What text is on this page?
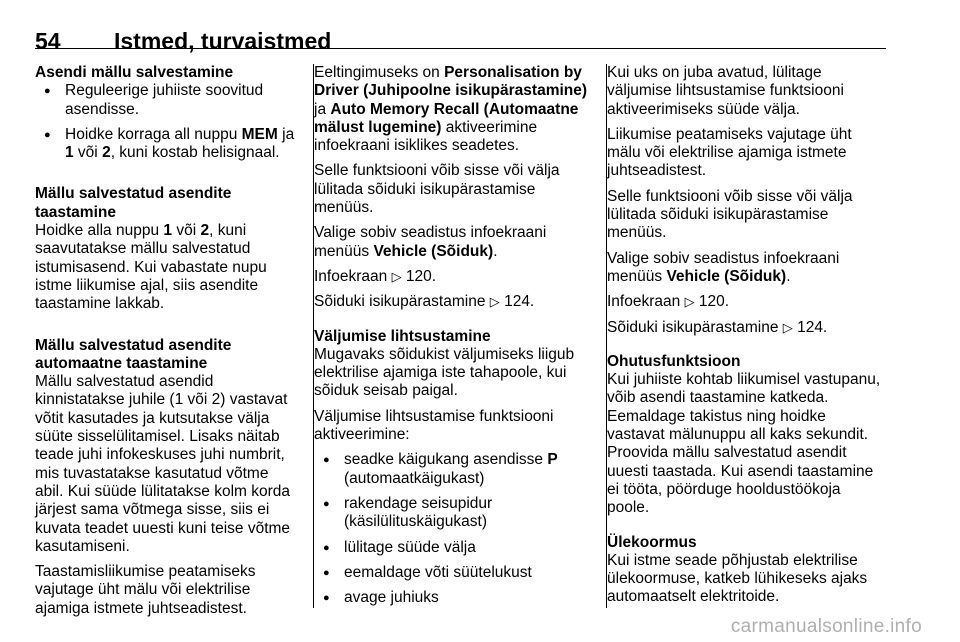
54 Istmed, turvaistmed
Asendi mällu salvestamine
● Reguleerige juhiiste soovitud asendisse.
● Hoidke korraga all nuppu MEM ja 1 või 2, kuni kostab helisignaal.
Mällu salvestatud asendite taastamine

Hoidke alla nuppu 1 või 2, kuni saavutatakse mällu salvestatud istumisasend. Kui vabastate nupu istme liikumise ajal, siis asendite taastamine lakkab.

Mällu salvestatud asendite automaatne taastamine

Mällu salvestatud asendid kinnistatakse juhile (1 või 2) vastavat võtit kasutades ja kutsutakse välja süüte sisselülitamisel. Lisaks näitab teade juhi infokeskuses juhi numbrit, mis tuvastatakse kasutatud võtme abil. Kui süüde lülitatakse kolm korda järjest sama võtmega sisse, siis ei kuvata teadet uuesti kuni teise võtme kasutamiseni.

Taastamisliikumise peatamiseks vajutage üht mälu või elektrilise ajamiga istmete juhtseadistest.

Eeltingimuseks on Personalisation by Driver (Juhipoolne isikupärastamine) ja Auto Memory Recall (Automaatne mälust lugemine) aktiveerimine infoekraani isiklikes seadetes.

Selle funktsiooni võib sisse või välja lülitada sõiduki isikupärastamise menüüs.

Valige sobiv seadistus infoekraani menüüs Vehicle (Sõiduk).

Infoekraan ▷ 120.

Sõiduki isikupärastamine ▷ 124.

Väljumise lihtsustamine

Mugavaks sõidukist väljumiseks liigub elektrilise ajamiga iste tahapoole, kui sõiduk seisab paigal.

Väljumise lihtsustamise funktsiooni aktiveerimine:

● seadke käigukang asendisse P (automaatkäigukast)
● rakendage seisupidur (käsilülituskäigukast)
● lülitage süüde välja
● eemaldage võti süütelukust
● avage juhiuks

Kui uks on juba avatud, lülitage väljumise lihtsustamise funktsiooni aktiveerimiseks süüde välja.

Liikumise peatamiseks vajutage üht mälu või elektrilise ajamiga istmete juhtseadistest.

Selle funktsiooni võib sisse või välja lülitada sõiduki isikupärastamise menüüs.

Valige sobiv seadistus infoekraani menüüs Vehicle (Sõiduk).

Infoekraan ▷ 120.

Sõiduki isikupärastamine ▷ 124.

Ohutusfunktsioon

Kui juhiiste kohtab liikumisel vastupanu, võib asendi taastamine katkeda. Eemaldage takistus ning hoidke vastavat mälunuppu all kaks sekundit. Proovida mällu salvestatud asendit uuesti taastada. Kui asendi taastamine ei tööta, pöörduge hooldustöökoja poole.

Ülekoormus

Kui istme seade põhjustab elektrilise ülekoormuse, katkeb lühikeseks ajaks automaatselt elektritoide.

carmanualsonline.info
